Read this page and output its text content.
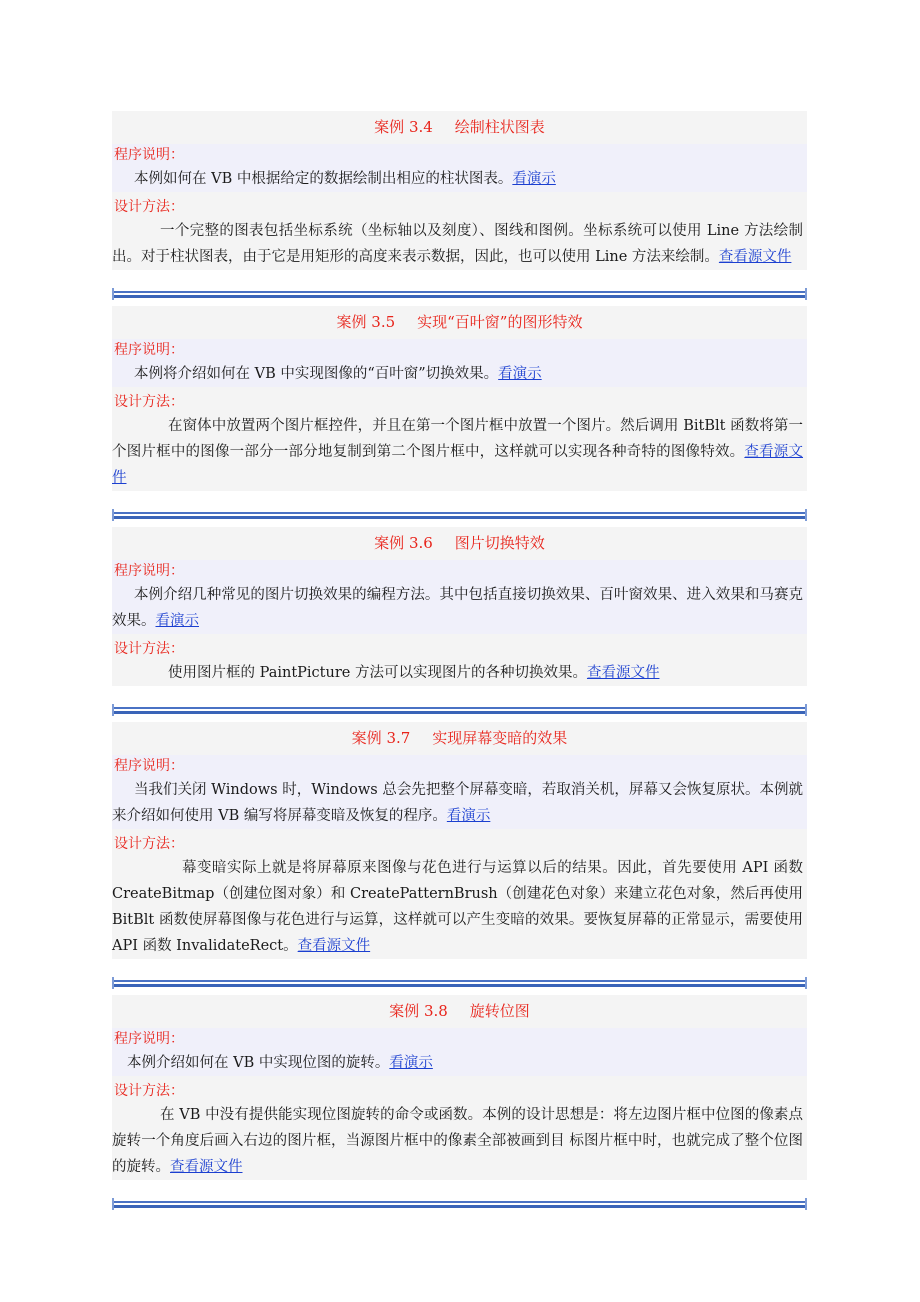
案例 3.4 绘制柱状图表
程序说明：
本例如何在 VB 中根据给定的数据绘制出相应的柱状图表。看演示
设计方法：
一个完整的图表包括坐标系统（坐标轴以及刻度）、图线和图例。坐标系统可以使用 Line 方法绘制出。对于柱状图表，由于它是用矩形的高度来表示数据，因此，也可以使用 Line 方法来绘制。查看源文件
案例 3.5 实现“百叶窗”的图形特效
程序说明：
本例将介绍如何在 VB 中实现图像的“百叶窗”切换效果。看演示
设计方法：
在窗体中放置两个图片框控件，并且在第一个图片框中放置一个图片。然后调用 BitBlt 函数将第一个图片框中的图像一部分一部分地复制到第二个图片框中，这样就可以实现各种奇特的图像特效。查看源文件
案例 3.6 图片切换特效
程序说明：
本例介绍几种常见的图片切换效果的编程方法。其中包括直接切换效果、百叶窗效果、进入效果和马赛克效果。看演示
设计方法：
使用图片框的 PaintPicture 方法可以实现图片的各种切换效果。查看源文件
案例 3.7 实现屏幕变暗的效果
程序说明：
当我们关闭 Windows 时，Windows 总会先把整个屏幕变暗，若取消关机，屏幕又会恢复原状。本例就来介绍如何使用 VB 编写将屏幕变暗及恢复的程序。看演示
设计方法：
幕变暗实际上就是将屏幕原来图像与花色进行与运算以后的结果。因此，首先要使用 API 函数 CreateBitmap（创建位图对象）和 CreatePatternBrush（创建花色对象）来建立花色对象，然后再使用 BitBlt 函数使屏幕图像与花色进行与运算，这样就可以产生变暗的效果。要恢复屏幕的正常显示，需要使用 API 函数 InvalidateRect。查看源文件
案例 3.8 旋转位图
程序说明：
本例介绍如何在 VB 中实现位图的旋转。看演示
设计方法：
在 VB 中没有提供能实现位图旋转的命令或函数。本例的设计思想是：将左边图片框中位图的像素点旋转一个角度后画入右边的图片框，当源图片框中的像素全部被画到目 标图片框中时，也就完成了整个位图的旋转。查看源文件
